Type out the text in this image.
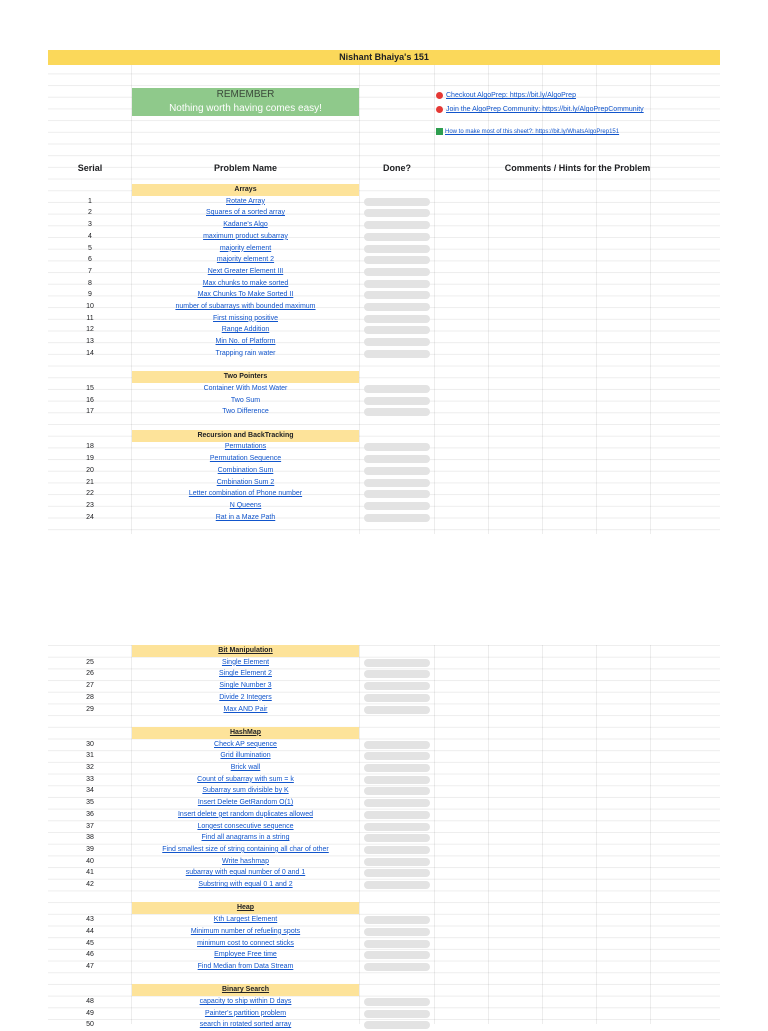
Nishant Bhaiya's 151
REMEMBER
Nothing worth having comes easy!
Checkout AlgoPrep: https://bit.ly/AlgoPrep
Join the AlgoPrep Community: https://bit.ly/AlgoPrepCommunity
How to make most of this sheet?: https://bit.ly/WhatsAlgoPrep151
Serial	Problem Name	Done?	Comments / Hints for the Problem
Arrays
1	Rotate Array
2	Squares of a sorted array
3	Kadane's Algo
4	maximum product subarray
5	majority element
6	majority element 2
7	Next Greater Element III
8	Max chunks to make sorted
9	Max Chunks To Make Sorted II
10	number of subarrays with bounded maximum
11	First missing positive
12	Range Addition
13	Min No. of Platform
14	Trapping rain water
Two Pointers
15	Container With Most Water
16	Two Sum
17	Two Difference
Recursion and BackTracking
18	Permutations
19	Permutation Sequence
20	Combination Sum
21	Cmbination Sum 2
22	Letter combination of Phone number
23	N Queens
24	Rat in a Maze Path
Bit Manipulation
25	Single Element
26	Single Element 2
27	Single Number 3
28	Divide 2 Integers
29	Max AND Pair
HashMap
30	Check AP sequence
31	Grid illumination
32	Brick wall
33	Count of subarray with sum = k
34	Subarray sum divisible by K
35	Insert Delete GetRandom O(1)
36	Insert delete get random duplicates allowed
37	Longest consecutive sequence
38	Find all anagrams in a string
39	Find smallest size of string containing all char of other
40	Write hashmap
41	subarray with equal number of 0 and 1
42	Substring with equal 0 1 and 2
Heap
43	Kth Largest Element
44	Minimum number of refueling spots
45	minimum cost to connect sticks
46	Employee Free time
47	Find Median from Data Stream
Binary Search
48	capacity to ship within D days
49	Painter's partition problem
50	search in rotated sorted array
